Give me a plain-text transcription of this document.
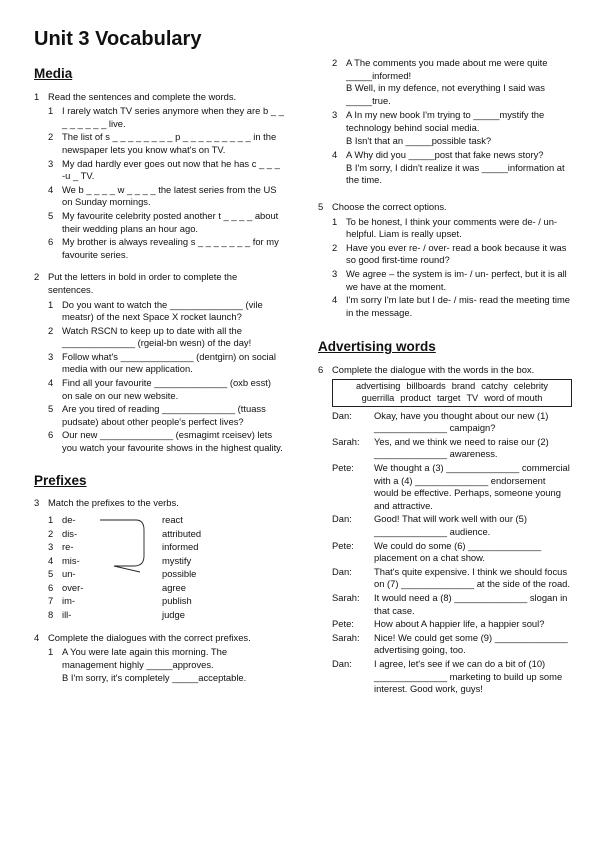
Unit 3 Vocabulary
Media
1 Read the sentences and complete the words.
1 I rarely watch TV series anymore when they are b _ _ _ _ _ _ _ _ live.
2 The list of s _ _ _ _ _ _ _ _ p _ _ _ _ _ _ _ _ _ in the newspaper lets you know what's on TV.
3 My dad hardly ever goes out now that he has c _ _ _ -u _ TV.
4 We b _ _ _ _ w _ _ _ _ the latest series from the US on Sunday mornings.
5 My favourite celebrity posted another t _ _ _ _ about their wedding plans an hour ago.
6 My brother is always revealing s _ _ _ _ _ _ _ for my favourite series.
2 Put the letters in bold in order to complete the sentences.
1 Do you want to watch the ______________ (vile meatsr) of the next Space X rocket launch?
2 Watch RSCN to keep up to date with all the ______________ (rgeial-bn wesn) of the day!
3 Follow what's ______________ (dentgirn) on social media with our new application.
4 Find all your favourite ______________ (oxb esst) on sale on our new website.
5 Are you tired of reading ______________ (ttuass pudsate) about other people's perfect lives?
6 Our new ______________ (esmagimt rceisev) lets you watch your favourite shows in the highest quality.
Prefixes
3 Match the prefixes to the verbs.
1 de-	react
2 dis-	attributed
3 re-	informed
4 mis-	mystify
5 un-	possible
6 over-	agree
7 im-	publish
8 ill-	judge
4 Complete the dialogues with the correct prefixes.
1 A You were late again this morning. The management highly _____approves.
B I'm sorry, it's completely _____acceptable.
2 A The comments you made about me were quite _____informed!
B Well, in my defence, not everything I said was _____true.
3 A In my new book I'm trying to _____mystify the technology behind social media.
B Isn't that an _____possible task?
4 A Why did you _____post that fake news story?
B I'm sorry, I didn't realize it was _____information at the time.
5 Choose the correct options.
1 To be honest, I think your comments were de- / un- helpful. Liam is really upset.
2 Have you ever re- / over- read a book because it was so good first-time round?
3 We agree – the system is im- / un- perfect, but it is all we have at the moment.
4 I'm sorry I'm late but I de- / mis- read the meeting time in the message.
Advertising words
6 Complete the dialogue with the words in the box.
advertising billboards brand catchy celebrity
guerrilla product target TV word of mouth
Dan:	Okay, have you thought about our new (1) ______________ campaign?
Sarah:	Yes, and we think we need to raise our (2) ______________ awareness.
Pete:	We thought a (3) ______________ commercial with a (4) ______________ endorsement would be effective. Perhaps, someone young and attractive.
Dan:	Good! That will work well with our (5) ______________ audience.
Pete:	We could do some (6) ______________ placement on a chat show.
Dan:	That's quite expensive. I think we should focus on (7) ______________ at the side of the road.
Sarah:	It would need a (8) ______________ slogan in that case.
Pete:	How about A happier life, a happier soul?
Sarah:	Nice! We could get some (9) ______________ advertising going, too.
Dan:	I agree, let's see if we can do a bit of (10) ______________ marketing to build up some interest. Good work, guys!
